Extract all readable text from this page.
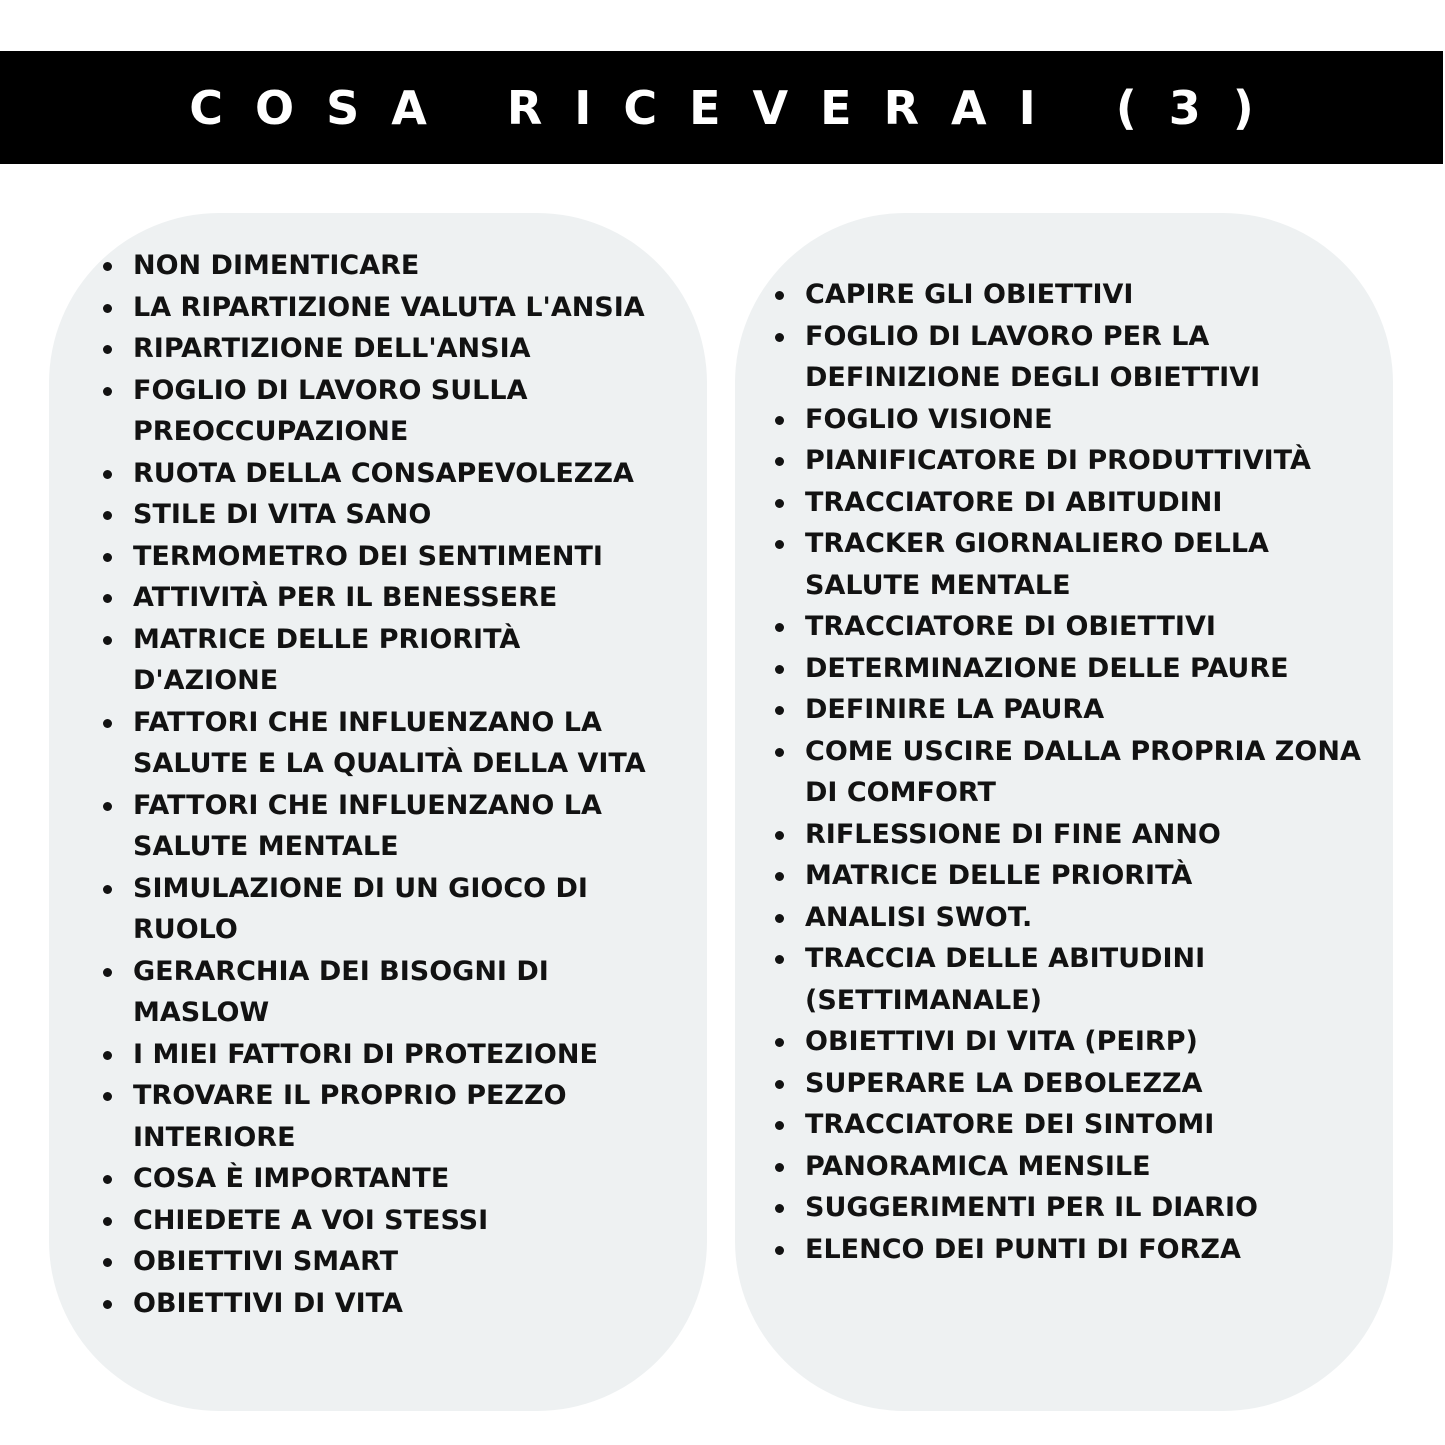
COSA RICEVERAI (3)
NON DIMENTICARE
LA RIPARTIZIONE VALUTA L'ANSIA
RIPARTIZIONE DELL'ANSIA
FOGLIO DI LAVORO SULLA
PREOCCUPAZIONE
RUOTA DELLA CONSAPEVOLEZZA
STILE DI VITA SANO
TERMOMETRO DEI SENTIMENTI
ATTIVITÀ PER IL BENESSERE
MATRICE DELLE PRIORITÀ
D'AZIONE
FATTORI CHE INFLUENZANO LA
SALUTE E LA QUALITÀ DELLA VITA
FATTORI CHE INFLUENZANO LA
SALUTE MENTALE
SIMULAZIONE DI UN GIOCO DI
RUOLO
GERARCHIA DEI BISOGNI DI
MASLOW
I MIEI FATTORI DI PROTEZIONE
TROVARE IL PROPRIO PEZZO
INTERIORE
COSA È IMPORTANTE
CHIEDETE A VOI STESSI
OBIETTIVI SMART
OBIETTIVI DI VITA
CAPIRE GLI OBIETTIVI
FOGLIO DI LAVORO PER LA
DEFINIZIONE DEGLI OBIETTIVI
FOGLIO VISIONE
PIANIFICATORE DI PRODUTTIVITÀ
TRACCIATORE DI ABITUDINI
TRACKER GIORNALIERO DELLA
SALUTE MENTALE
TRACCIATORE DI OBIETTIVI
DETERMINAZIONE DELLE PAURE
DEFINIRE LA PAURA
COME USCIRE DALLA PROPRIA ZONA
DI COMFORT
RIFLESSIONE DI FINE ANNO
MATRICE DELLE PRIORITÀ
ANALISI SWOT.
TRACCIA DELLE ABITUDINI
(SETTIMANALE)
OBIETTIVI DI VITA (PEIRP)
SUPERARE LA DEBOLEZZA
TRACCIATORE DEI SINTOMI
PANORAMICA MENSILE
SUGGERIMENTI PER IL DIARIO
ELENCO DEI PUNTI DI FORZA
